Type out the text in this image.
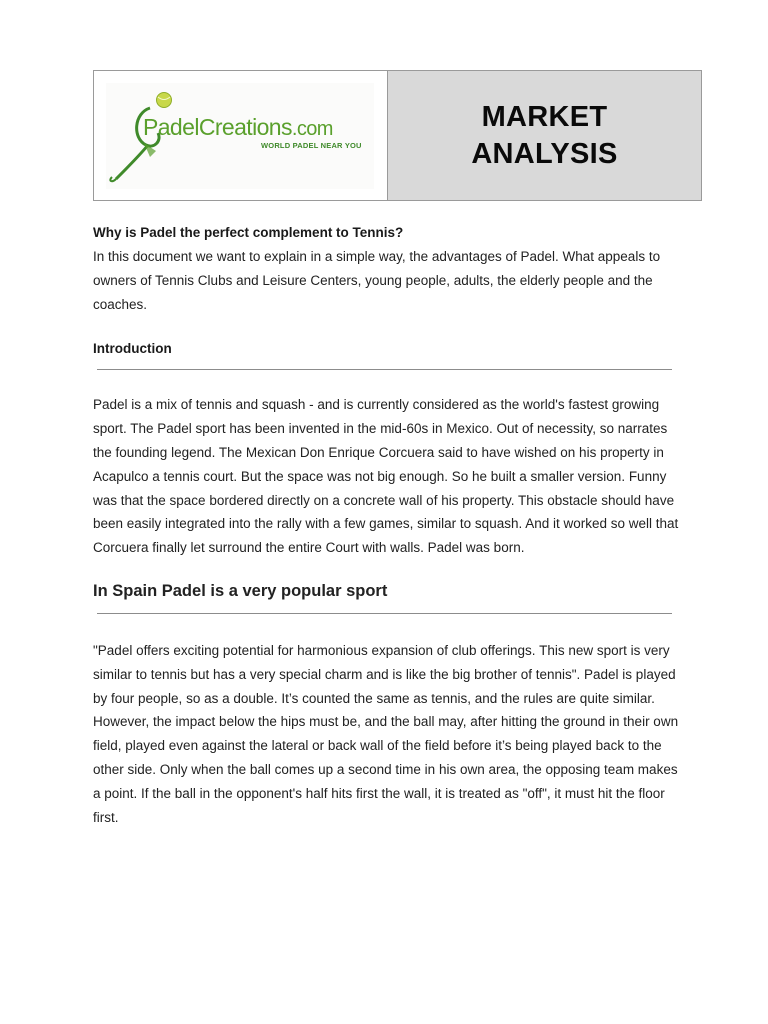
PadelCreations.com
WORLD PADEL NEAR YOU
MARKET
ANALYSIS
Why is Padel the perfect complement to Tennis?

In this document we want to explain in a simple way, the advantages of Padel. What appeals to owners of Tennis Clubs and Leisure Centers, young people, adults, the elderly people and the coaches.

Introduction

Padel is a mix of tennis and squash - and is currently considered as the world's fastest growing sport. The Padel sport has been invented in the mid-60s in Mexico. Out of necessity, so narrates the founding legend. The Mexican Don Enrique Corcuera said to have wished on his property in Acapulco a tennis court. But the space was not big enough. So he built a smaller version. Funny was that the space bordered directly on a concrete wall of his property. This obstacle should have been easily integrated into the rally with a few games, similar to squash. And it worked so well that Corcuera finally let surround the entire Court with walls. Padel was born.

In Spain Padel is a very popular sport

"Padel offers exciting potential for harmonious expansion of club offerings. This new sport is very similar to tennis but has a very special charm and is like the big brother of tennis". Padel is played by four people, so as a double. It’s counted the same as tennis, and the rules are quite similar. However, the impact below the hips must be, and the ball may, after hitting the ground in their own field, played even against the lateral or back wall of the field before it’s being played back to the other side. Only when the ball comes up a second time in his own area, the opposing team makes a point. If the ball in the opponent's half hits first the wall, it is treated as "off", it must hit the floor first.
